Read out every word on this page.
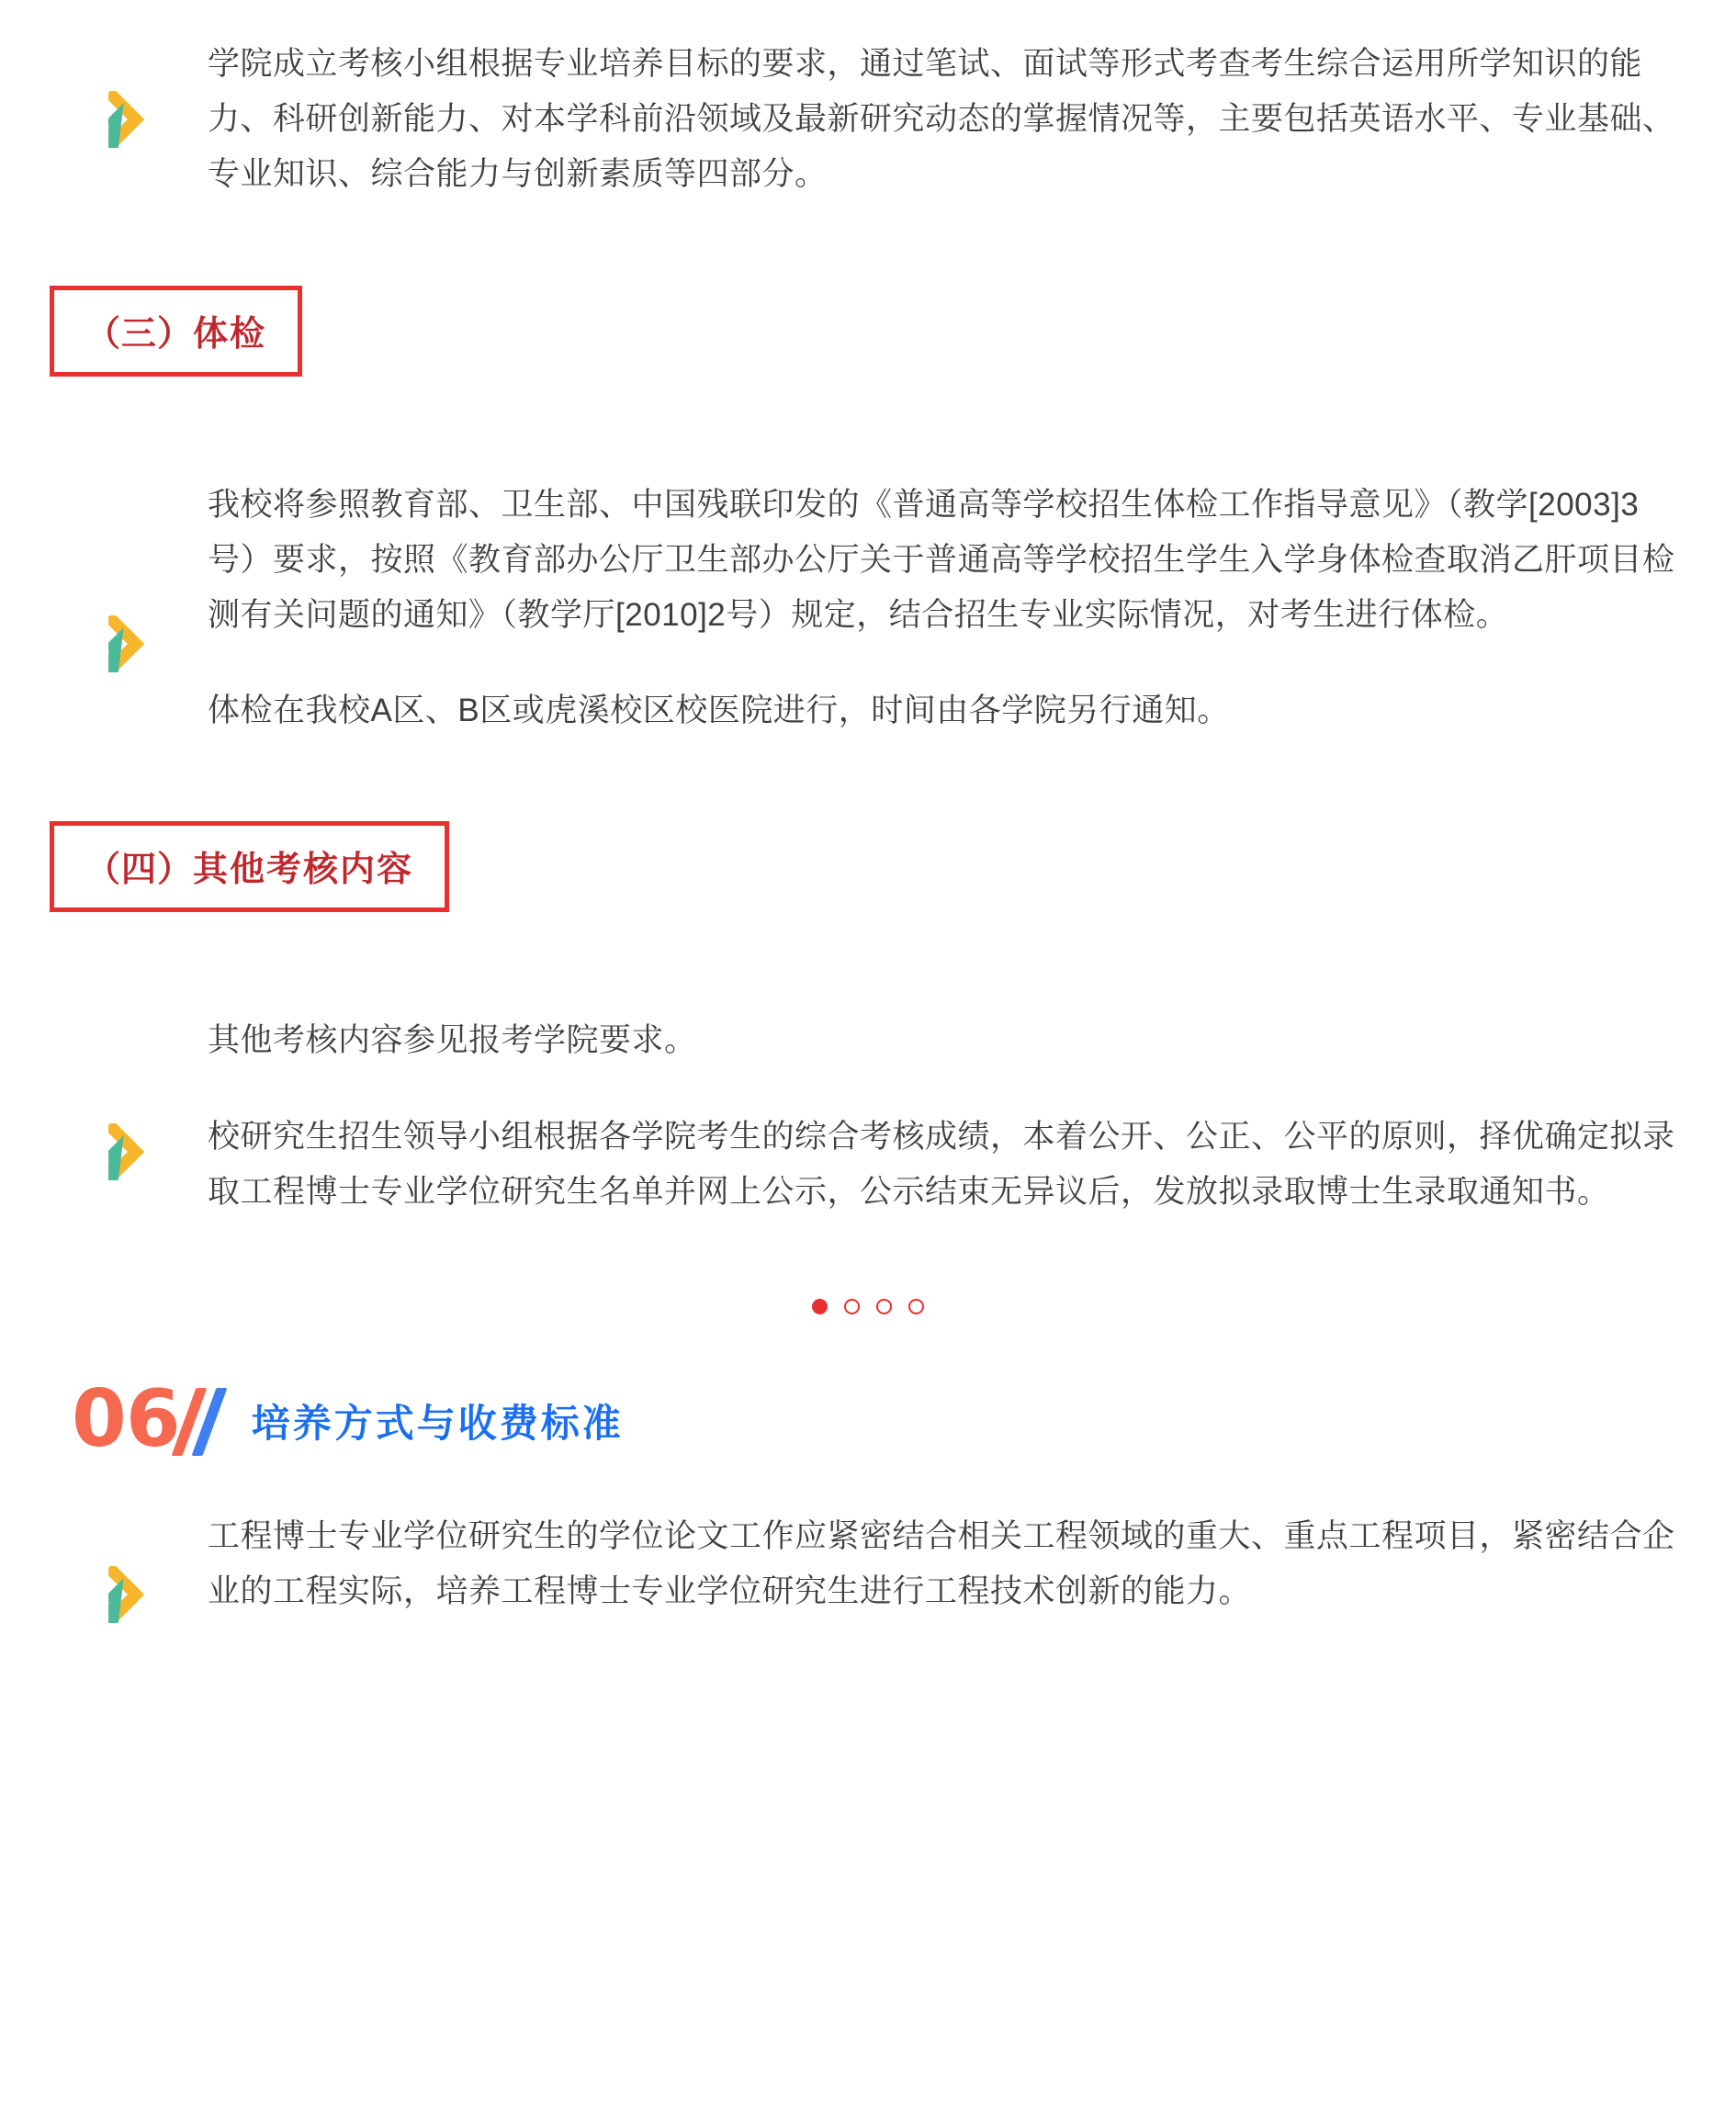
学院成立考核小组根据专业培养目标的要求，通过笔试、面试等形式考查考生综合运用所学知识的能力、科研创新能力、对本学科前沿领域及最新研究动态的掌握情况等，主要包括英语水平、专业基础、专业知识、综合能力与创新素质等四部分。

（三）体检

我校将参照教育部、卫生部、中国残联印发的《普通高等学校招生体检工作指导意见》（教学[2003]3号）要求，按照《教育部办公厅卫生部办公厅关于普通高等学校招生学生入学身体检查取消乙肝项目检测有关问题的通知》（教学厅[2010]2号）规定，结合招生专业实际情况，对考生进行体检。

体检在我校A区、B区或虎溪校区校医院进行，时间由各学院另行通知。

（四）其他考核内容

其他考核内容参见报考学院要求。

校研究生招生领导小组根据各学院考生的综合考核成绩，本着公开、公正、公平的原则，择优确定拟录取工程博士专业学位研究生名单并网上公示，公示结束无异议后，发放拟录取博士生录取通知书。

06 培养方式与收费标准

工程博士专业学位研究生的学位论文工作应紧密结合相关工程领域的重大、重点工程项目，紧密结合企业的工程实际，培养工程博士专业学位研究生进行工程技术创新的能力。
